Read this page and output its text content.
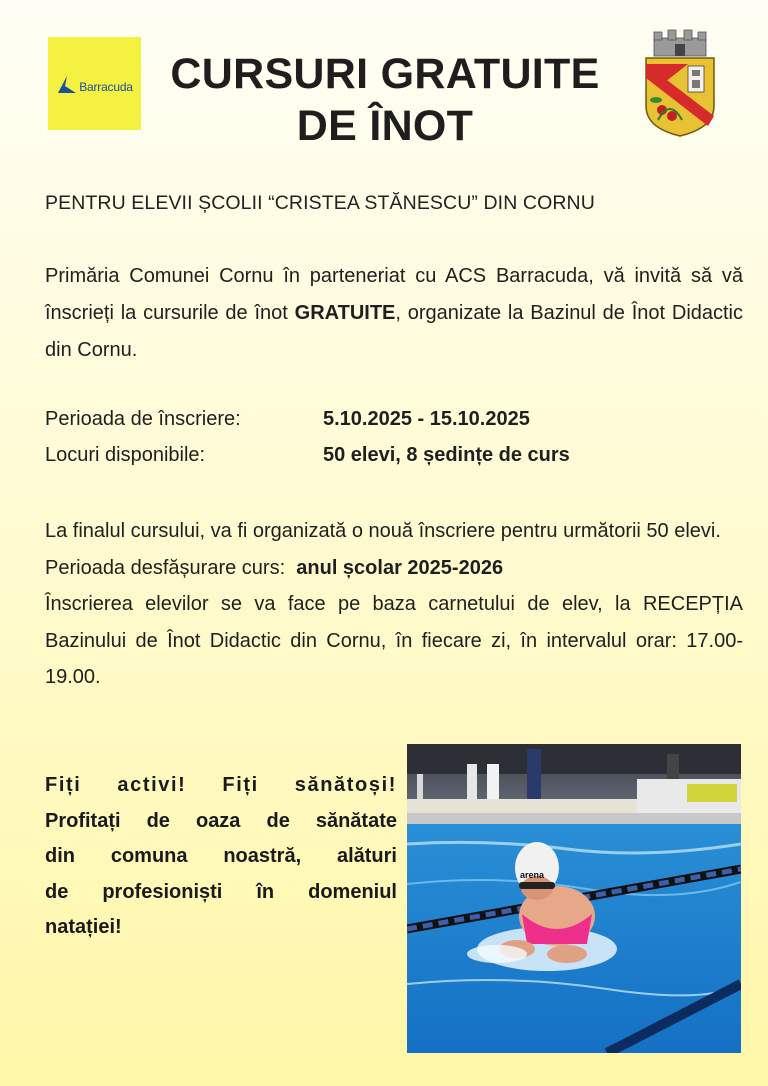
Barracuda CURSURI GRATUITE
DE ÎNOT
PENTRU ELEVII ȘCOLII “CRISTEA STĂNESCU” DIN CORNU
Primăria Comunei Cornu în parteneriat cu ACS Barracuda, vă invită să vă înscrieți la cursurile de înot GRATUITE, organizate la Bazinul de Înot Didactic din Cornu.
Perioada de înscriere:	5.10.2025 - 15.10.2025
Locuri disponibile:	50 elevi, 8 ședințe de curs
La finalul cursului, va fi organizată o nouă înscriere pentru următorii 50 elevi.
Perioada desfășurare curs: anul școlar 2025-2026
Înscrierea elevilor se va face pe baza carnetului de elev, la RECEPȚIA Bazinului de Înot Didactic din Cornu, în fiecare zi, în intervalul orar: 17.00-19.00.
Fiți activi! Fiți sănătoși!
Profitați de oaza de sănătate
din comuna noastră, alături
de profesioniști în domeniul
natației!
arena
